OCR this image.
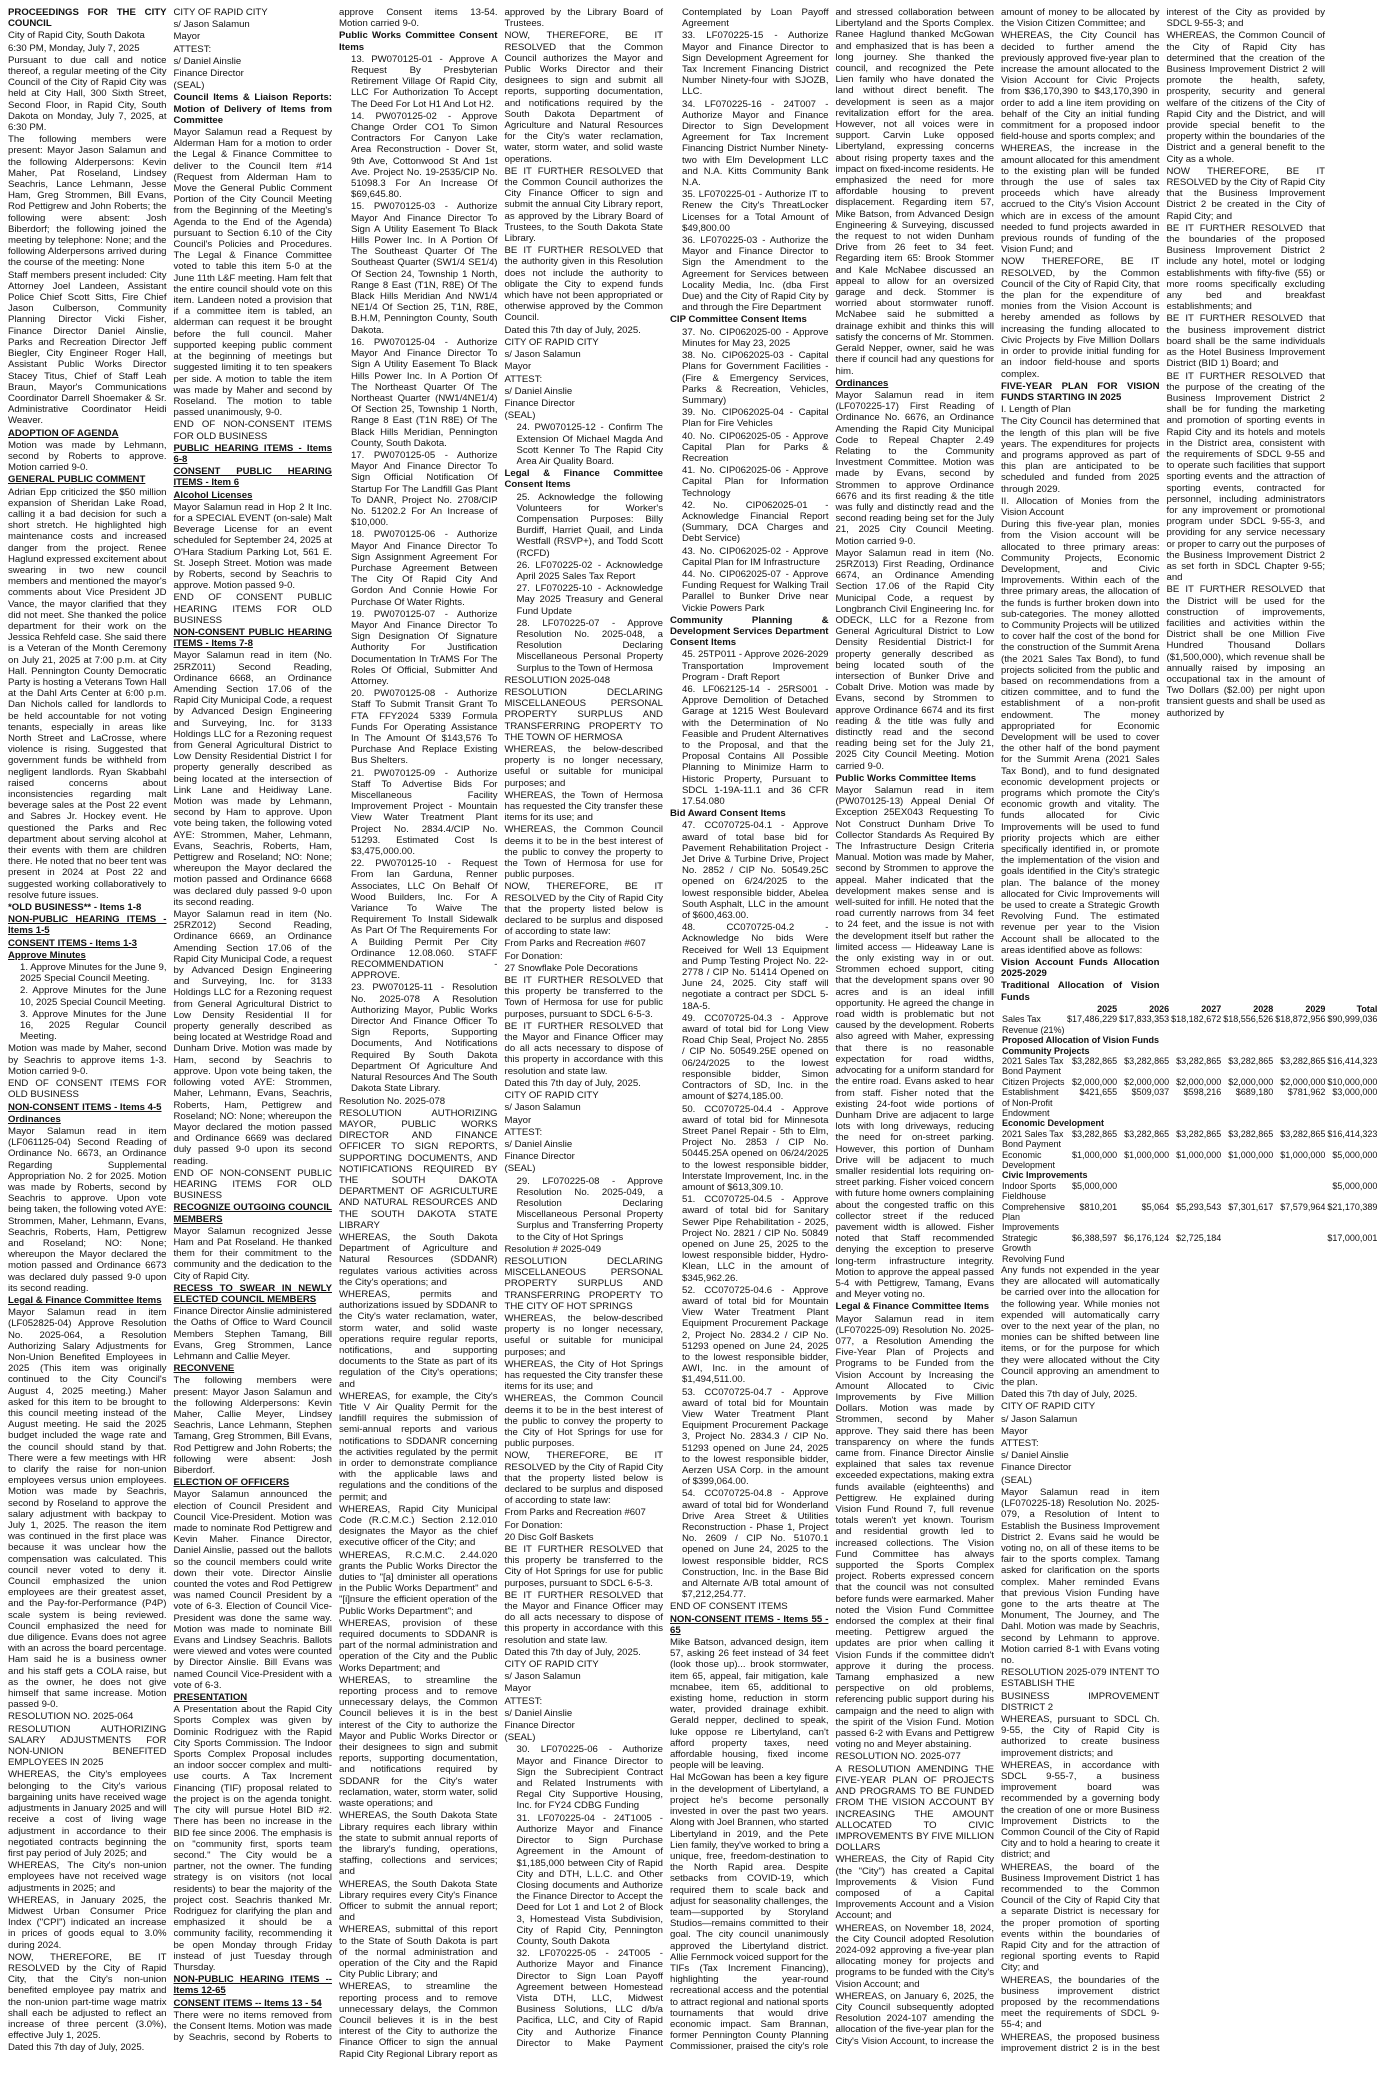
PROCEEDINGS FOR THE CITY COUNCIL

City of Rapid City, South Dakota

6:30 PM, Monday, July 7, 2025

Pursuant to due call and notice thereof, a regular meeting of the City Council of the City of Rapid City was held at City Hall, 300 Sixth Street, Second Floor, in Rapid City, South Dakota on Monday, July 7, 2025, at 6:30 PM.

The following members were present: Mayor Jason Salamun and the following Alderpersons: Kevin Maher, Pat Roseland, Lindsey Seachris, Lance Lehmann, Jesse Ham, Greg Strommen, Bill Evans, Rod Pettigrew and John Roberts; the following were absent: Josh Biberdorf; the following joined the meeting by telephone: None; and the following Alderpersons arrived during the course of the meeting: None

Staff members present included: City Attorney Joel Landeen, Assistant Police Chief Scott Sitts, Fire Chief Jason Culberson, Community Planning Director Vicki Fisher, Finance Director Daniel Ainslie, Parks and Recreation Director Jeff Biegler, City Engineer Roger Hall, Assistant Public Works Director Stacey Titus, Chief of Staff Leah Braun, Mayor's Communications Coordinator Darrell Shoemaker & Sr. Administrative Coordinator Heidi Weaver.

ADOPTION OF AGENDA

Motion was made by Lehmann, second by Roberts to approve. Motion carried 9-0.

GENERAL PUBLIC COMMENT

Adrian Epp criticized the $50 million expansion of Sheridan Lake Road, calling it a bad decision for such a short stretch. He highlighted high maintenance costs and increased danger from the project. Renee Haglund expressed excitement about swearing in two new council members and mentioned the mayor's comments about Vice President JD Vance, the mayor clarified that they did not meet. She thanked the police department for their work on the Jessica Rehfeld case. She said there is a Veteran of the Month Ceremony on July 21, 2025 at 7:00 p.m. at City Hall. Pennington County Democratic Party is hosting a Veterans Town Hall at the Dahl Arts Center at 6:00 p.m. Dan Nichols called for landlords to be held accountable for not voting tenants, especially in areas like North Street and LaCrosse, where violence is rising. Suggested that government funds be withheld from negligent landlords. Ryan Skabbahl raised concerns about inconsistencies regarding malt beverage sales at the Post 22 event and Sabres Jr. Hockey event. He questioned the Parks and Rec department about serving alcohol at their events with them are children there. He noted that no beer tent was present in 2024 at Post 22 and suggested working collaboratively to resolve future issues.

*OLD BUSINESS** - Items 1-8

NON-PUBLIC HEARING ITEMS - Items 1-5

CONSENT ITEMS - Items 1-3

Approve Minutes

1. Approve Minutes for the June 9, 2025 Special Council Meeting.

2. Approve Minutes for the June 10, 2025 Special Council Meeting.

3. Approve Minutes for the June 16, 2025 Regular Council Meeting.

Motion was made by Maher, second by Seachris to approve items 1-3. Motion carried 9-0.

END OF CONSENT ITEMS FOR OLD BUSINESS

NON-CONSENT ITEMS - Items 4-5

Ordinances

Mayor Salamun read in item (LF061125-04) Second Reading of Ordinance No. 6673, an Ordinance Regarding Supplemental Appropriation No. 2 for 2025. Motion was made by Roberts, second by Seachris to approve. Upon vote being taken, the following voted AYE: Strommen, Maher, Lehmann, Evans, Seachris, Roberts, Ham, Pettigrew and Roseland; NO: None; whereupon the Mayor declared the motion passed and Ordinance 6673 was declared duly passed 9-0 upon its second reading.

Legal & Finance Committee Items

Mayor Salamun read in item (LF052825-04) Approve Resolution No. 2025-064, a Resolution Authorizing Salary Adjustments for Non-Union Benefited Employees in 2025 (This item was originally continued to the City Council's August 4, 2025 meeting.) Maher asked for this item to be brought to this council meeting instead of the August meeting. He said the 2025 budget included the wage rate and the council should stand by that. There were a few meetings with HR to clarify the raise for non-union employees versus union employees. Motion was made by Seachris, second by Roseland to approve the salary adjustment with backpay to July 1, 2025. The reason the item was continued in the first place was because it was unclear how the compensation was calculated. This council never voted to deny it. Council emphasized the union employees are their greatest asset, and the Pay-for-Performance (P4P) scale system is being reviewed. Council emphasized the need for due diligence. Evans does not agree with an across the board percentage. Ham said he is a business owner and his staff gets a COLA raise, but as the owner, he does not give himself that same increase. Motion passed 9-0.

RESOLUTION NO. 2025-064

RESOLUTION AUTHORIZING SALARY ADJUSTMENTS FOR NON-UNION BENEFITED EMPLOYEES IN 2025

WHEREAS, the City's employees belonging to the City's various bargaining units have received wage adjustments in January 2025 and will receive a cost of living wage adjustment in accordance to their negotiated contracts beginning the first pay period of July 2025; and

WHEREAS, The City's non-union employees have not received wage adjustments in 2025; and

WHEREAS, in January 2025, the Midwest Urban Consumer Price Index ("CPI") indicated an increase in prices of goods equal to 3.0% during 2024.

NOW, THEREFORE, BE IT RESOLVED by the City of Rapid City, that the City's non-union benefited employee pay matrix and the non-union part-time wage matrix shall each be adjusted to reflect an increase of three percent (3.0%), effective July 1, 2025.

Dated this 7th day of July, 2025.

CITY OF RAPID CITY

s/ Jason Salamun

Mayor

ATTEST:

s/ Daniel Ainslie

Finance Director

(SEAL)

Council Items & Liaison Reports: Motion of Delivery of Items from Committee

Mayor Salamun read a Request by Alderman Ham for a motion to order the Legal & Finance Committee to deliver to the Council Item #14 (Request from Alderman Ham to Move the General Public Comment Portion of the City Council Meeting from the Beginning of the Meeting's Agenda to the End of the Agenda) pursuant to Section 6.10 of the City Council's Policies and Procedures. The Legal & Finance Committee voted to table this item 5-0 at the June 11th L&F meeting. Ham felt that the entire council should vote on this item. Landeen noted a provision that if a committee item is tabled, an alderman can request it be brought before the full council. Maher supported keeping public comment at the beginning of meetings but suggested limiting it to ten speakers per side. A motion to table the item was made by Maher and second by Roseland. The motion to table passed unanimously, 9-0.

END OF NON-CONSENT ITEMS FOR OLD BUSINESS

PUBLIC HEARING ITEMS - Items 6-8

CONSENT PUBLIC HEARING ITEMS - Item 6

Alcohol Licenses

Mayor Salamun read in Hop 2 It Inc. for a SPECIAL EVENT (on-sale) Malt Beverage License for an event scheduled for September 24, 2025 at O'Hara Stadium Parking Lot, 561 E. St. Joseph Street. Motion was made by Roberts, second by Seachris to approve. Motion passed 9-0.

END OF CONSENT PUBLIC HEARING ITEMS FOR OLD BUSINESS

NON-CONSENT PUBLIC HEARING ITEMS - Items 7-8

Mayor Salamun read in item (No. 25RZ011) Second Reading, Ordinance 6668, an Ordinance Amending Section 17.06 of the Rapid City Municipal Code, a request by Advanced Design Engineering and Surveying, Inc. for 3133 Holdings LLC for a Rezoning request from General Agricultural District to Low Density Residential District I for property generally described as being located at the intersection of Link Lane and Heidiway Lane. Motion was made by Lehmann, second by Ham to approve. Upon vote being taken, the following voted AYE: Strommen, Maher, Lehmann, Evans, Seachris, Roberts, Ham, Pettigrew and Roseland; NO: None; whereupon the Mayor declared the motion passed and Ordinance 6668 was declared duly passed 9-0 upon its second reading.

Mayor Salamun read in item (No. 25RZ012) Second Reading, Ordinance 6669, an Ordinance Amending Section 17.06 of the Rapid City Municipal Code, a request by Advanced Design Engineering and Surveying, Inc. for 3133 Holdings LLC for a Rezoning request from General Agricultural District to Low Density Residential II for property generally described as being located at Westridge Road and Dunham Drive. Motion was made by Ham, second by Seachris to approve. Upon vote being taken, the following voted AYE: Strommen, Maher, Lehmann, Evans, Seachris, Roberts, Ham, Pettigrew and Roseland; NO: None; whereupon the Mayor declared the motion passed and Ordinance 6669 was declared duly passed 9-0 upon its second reading.

END OF NON-CONSENT PUBLIC HEARING ITEMS FOR OLD BUSINESS

RECOGNIZE OUTGOING COUNCIL MEMBERS

Mayor Salamun recognized Jesse Ham and Pat Roseland. He thanked them for their commitment to the community and the dedication to the City of Rapid City.

RECESS TO SWEAR IN NEWLY ELECTED COUNCIL MEMBERS

Finance Director Ainslie administered the Oaths of Office to Ward Council Members Stephen Tamang, Bill Evans, Greg Strommen, Lance Lehmann and Callie Meyer.

RECONVENE

The following members were present: Mayor Jason Salamun and the following Alderpersons: Kevin Maher, Callie Meyer, Lindsey Seachris, Lance Lehmann, Stephen Tamang, Greg Strommen, Bill Evans, Rod Pettigrew and John Roberts; the following were absent: Josh Biberdorf.

ELECTION OF OFFICERS

Mayor Salamun announced the election of Council President and Council Vice-President. Motion was made to nominate Rod Pettigrew and Kevin Maher. Finance Director, Daniel Ainslie, passed out the ballots so the council members could write down their vote. Director Ainslie counted the votes and Rod Pettigrew was named Council President by a vote of 6-3. Election of Council Vice-President was done the same way. Motion was made to nominate Bill Evans and Lindsey Seachris. Ballots were viewed and votes were counted by Director Ainslie. Bill Evans was named Council Vice-President with a vote of 6-3.

PRESENTATION

A Presentation about the Rapid City Sports Complex was given by Dominic Rodriguez with the Rapid City Sports Commission. The Indoor Sports Complex Proposal includes an indoor soccer complex and multi-use courts. A Tax Increment Financing (TIF) proposal related to the project is on the agenda tonight. The city will pursue Hotel BID #2. There has been no increase in the BID fee since 2006. The emphasis is on "community first, sports team second." The City would be a partner, not the owner. The funding strategy is on visitors (not local residents) to bear the majority of the project cost. Seachris thanked Mr. Rodriguez for clarifying the plan and emphasized it should be a community facility, recommending it be open Monday through Friday instead of just Tuesday through Thursday.

NON-PUBLIC HEARING ITEMS -- Items 12-65

CONSENT ITEMS -- Items 13 - 54

There were no items removed from the Consent Items. Motion was made by Seachris, second by Roberts to approve Consent items 13-54. Motion carried 9-0.

Public Works Committee Consent Items

13. PW070125-01 - Approve A Request By Presbyterian Retirement Village Of Rapid City, LLC For Authorization To Accept The Deed For Lot H1 And Lot H2.

14. PW070125-02 - Approve Change Order CO1 To Simon Contractors For Canyon Lake Area Reconstruction - Dover St, 9th Ave, Cottonwood St And 1st Ave. Project No. 19-2535/CIP No. 51098.3 For An Increase Of $69,645.80.

15. PW070125-03 - Authorize Mayor And Finance Director To Sign A Utility Easement To Black Hills Power Inc. In A Portion Of The Southeast Quarter Of The Southeast Quarter (SW1/4 SE1/4) Of Section 24, Township 1 North, Range 8 East (T1N, R8E) Of The Black Hills Meridian And NW1/4 NE1/4 Of Section 25, T1N, R8E, B.H.M, Pennington County, South Dakota.

16. PW070125-04 - Authorize Mayor And Finance Director To Sign A Utility Easement To Black Hills Power Inc. In A Portion Of The Northeast Quarter Of The Northeast Quarter (NW1/4NE1/4) Of Section 25, Township 1 North, Range 8 East (T1N R8E) Of The Black Hills Meridian, Pennington County, South Dakota.

17. PW070125-05 - Authorize Mayor And Finance Director To Sign Official Notification Of Startup For The Landfill Gas Plant To DANR, Project No. 2708/CIP No. 51202.2 For An Increase of $10,000.

18. PW070125-06 - Authorize Mayor And Finance Director To Sign Assignment Agreement For Purchase Agreement Between The City Of Rapid City And Gordon And Connie Howie For Purchase Of Water Rights.

19. PW070125-07 - Authorize Mayor And Finance Director To Sign Designation Of Signature Authority For Justification Documentation In TrAMS For The Roles Of Official, Submitter And Attorney.

20. PW070125-08 - Authorize Staff To Submit Transit Grant To FTA FFY2024 5339 Formula Funds For Operating Assistance In The Amount Of $143,576 To Purchase And Replace Existing Bus Shelters.

21. PW070125-09 - Authorize Staff To Advertise Bids For Miscellaneous Facility Improvement Project - Mountain View Water Treatment Plant Project No. 2834.4/CIP No. 51293. Estimated Cost Is $3,475,000.00.

22. PW070125-10 - Request From Ian Garduna, Renner Associates, LLC On Behalf Of Wood Builders, Inc. For A Variance To Waive The Requirement To Install Sidewalk As Part Of The Requirements For A Building Permit Per City Ordinance 12.08.060. STAFF RECOMMENDATION - APPROVE.

23. PW070125-11 - Resolution No. 2025-078 A Resolution Authorizing Mayor, Public Works Director And Finance Officer To Sign Reports, Supporting Documents, And Notifications Required By South Dakota Department Of Agriculture And Natural Resources And The South Dakota State Library.

Resolution No. 2025-078

RESOLUTION AUTHORIZING MAYOR, PUBLIC WORKS DIRECTOR AND FINANCE OFFICER TO SIGN REPORTS, SUPPORTING DOCUMENTS, AND NOTIFICATIONS REQUIRED BY THE SOUTH DAKOTA DEPARTMENT OF AGRICULTURE AND NATURAL RESOURCES AND THE SOUTH DAKOTA STATE LIBRARY

WHEREAS, the South Dakota Department of Agriculture and Natural Resources (SDDANR) regulates various activities across the City's operations; and

WHEREAS, permits and authorizations issued by SDDANR to the City's water reclamation, water, storm water, and solid waste operations require regular reports, notifications, and supporting documents to the State as part of its regulation of the City's operations; and

WHEREAS, for example, the City's Title V Air Quality Permit for the landfill requires the submission of semi-annual reports and various notifications to SDDANR concerning the activities regulated by the permit in order to demonstrate compliance with the applicable laws and regulations and the conditions of the permit; and

WHEREAS, Rapid City Municipal Code (R.C.M.C.) Section 2.12.010 designates the Mayor as the chief executive officer of the City; and

WHEREAS, R.C.M.C. 2.44.020 grants the Public Works Director the duties to "[a] dminister all operations in the Public Works Department" and "[i]nsure the efficient operation of the Public Works Department"; and

WHEREAS, provision of these required documents to SDDANR is part of the normal administration and operation of the City and the Public Works Department; and

WHEREAS, to streamline the reporting process and to remove unnecessary delays, the Common Council believes it is in the best interest of the City to authorize the Mayor and Public Works Director or their designees to sign and submit reports, supporting documentation, and notifications required by SDDANR for the City's water reclamation, water, storm water, solid waste operations; and

WHEREAS, the South Dakota State Library requires each library within the state to submit annual reports of the library's funding, operations, staffing, collections and services; and

WHEREAS, the South Dakota State Library requires every City's Finance Officer to submit the annual report; and

WHEREAS, submittal of this report to the State of South Dakota is part of the normal administration and operation of the City and the Rapid City Public Library; and

WHEREAS, to streamline the reporting process and to remove unnecessary delays, the Common Council believes it is in the best interest of the City to authorize the Finance Officer to sign the annual Rapid City Regional Library report as approved by the Library Board of Trustees.

NOW, THEREFORE, BE IT RESOLVED that the Common Council authorizes the Mayor and Public Works Director and their designees to sign and submit all reports, supporting documentation, and notifications required by the South Dakota Department of Agriculture and Natural Resources for the City's water reclamation, water, storm water, and solid waste operations.

BE IT FURTHER RESOLVED that the Common Council authorizes the City Finance Officer to sign and submit the annual City Library report, as approved by the Library Board of Trustees, to the South Dakota State Library.

BE IT FURTHER RESOLVED that the authority given in this Resolution does not include the authority to obligate the City to expend funds which have not been appropriated or otherwise approved by the Common Council.

Dated this 7th day of July, 2025.

CITY OF RAPID CITY

s/ Jason Salamun

Mayor

ATTEST:

s/ Daniel Ainslie

Finance Director

(SEAL)

24. PW070125-12 - Confirm The Extension Of Michael Magda And Scott Kenner To The Rapid City Area Air Quality Board.

Legal & Finance Committee Consent Items

25. Acknowledge the following Volunteers for Worker's Compensation Purposes: Billy Burdiff, Harriet Quail, and Linda Westfall (RSVP+), and Todd Scott (RCFD)

26. LF070225-02 - Acknowledge April 2025 Sales Tax Report

27. LF070225-10 - Acknowledge May 2025 Treasury and General Fund Update

28. LF070225-07 - Approve Resolution No. 2025-048, a Resolution Declaring Miscellaneous Personal Property Surplus to the Town of Hermosa

RESOLUTION 2025-048

RESOLUTION DECLARING MISCELLANEOUS PERSONAL PROPERTY SURPLUS AND TRANSFERRING PROPERTY TO THE TOWN OF HERMOSA

WHEREAS, the below-described property is no longer necessary, useful or suitable for municipal purposes; and

WHEREAS, the Town of Hermosa has requested the City transfer these items for its use; and

WHEREAS, the Common Council deems it to be in the best interest of the public to convey the property to the Town of Hermosa for use for public purposes.

NOW, THEREFORE, BE IT RESOLVED by the City of Rapid City that the property listed below is declared to be surplus and disposed of according to state law:

From Parks and Recreation #607

For Donation:

27 Snowflake Pole Decorations

BE IT FURTHER RESOLVED that this property be transferred to the Town of Hermosa for use for public purposes, pursuant to SDCL 6-5-3.

BE IT FURTHER RESOLVED that the Mayor and Finance Officer may do all acts necessary to dispose of this property in accordance with this resolution and state law.

Dated this 7th day of July, 2025.

CITY OF RAPID CITY

s/ Jason Salamun

Mayor

ATTEST:

s/ Daniel Ainslie

Finance Director

(SEAL)

29. LF070225-08 - Approve Resolution No. 2025-049, a Resolution Declaring Miscellaneous Personal Property Surplus and Transferring Property to the City of Hot Springs

Resolution # 2025-049

RESOLUTION DECLARING MISCELLANEOUS PERSONAL PROPERTY SURPLUS AND TRANSFERRING PROPERTY TO THE CITY OF HOT SPRINGS

WHEREAS, the below-described property is no longer necessary, useful or suitable for municipal purposes; and

WHEREAS, the City of Hot Springs has requested the City transfer these items for its use; and

WHEREAS, the Common Council deems it to be in the best interest of the public to convey the property to the City of Hot Springs for use for public purposes.

NOW, THEREFORE, BE IT RESOLVED by the City of Rapid City that the property listed below is declared to be surplus and disposed of according to state law:

From Parks and Recreation #607

For Donation:

20 Disc Golf Baskets

BE IT FURTHER RESOLVED that this property be transferred to the City of Hot Springs for use for public purposes, pursuant to SDCL 6-5-3.

BE IT FURTHER RESOLVED that the Mayor and Finance Officer may do all acts necessary to dispose of this property in accordance with this resolution and state law.

Dated this 7th day of July, 2025.

CITY OF RAPID CITY

s/ Jason Salamun

Mayor

ATTEST:

s/ Daniel Ainslie

Finance Director

(SEAL)

30. LF070225-06 - Authorize Mayor and Finance Director to Sign the Subrecipient Contract and Related Instruments with Regal City Supportive Housing, Inc. for FY24 CDBG Funding

31. LF070225-04 - 24T1005 - Authorize Mayor and Finance Director to Sign Purchase Agreement in the Amount of $1,185,000 between City of Rapid City and DTH, L.L.C. and Other Closing documents and Authorize the Finance Director to Accept the Deed for Lot 1 and Lot 2 of Block 3, Homestead Vista Subdivision, City of Rapid City, Pennington County, South Dakota

32. LF070225-05 - 24T005 - Authorize Mayor and Finance Director to Sign Loan Payoff Agreement between Homestead Vista DTH, LLC, Midwest Business Solutions, LLC d/b/a Pacifica, LLC, and City of Rapid City and Authorize Finance Director to Make Payment Contemplated by Loan Payoff Agreement

33. LF070225-15 - Authorize Mayor and Finance Director to Sign Development Agreement for Tax Increment Financing District Number Ninety-four with SJOZB, LLC.

34. LF070225-16 - 24T007 - Authorize Mayor and Finance Director to Sign Development Agreement for Tax Increment Financing District Number Ninety-two with Elm Development LLC and N.A. Kitts Community Bank N.A.

35. LF070225-01 - Authorize IT to Renew the City's ThreatLocker Licenses for a Total Amount of $49,800.00

36. LF070225-03 - Authorize the Mayor and Finance Director to Sign the Amendment to the Agreement for Services between Locality Media, Inc. (dba First Due) and the City of Rapid City by and through the Fire Department

CIP Committee Consent Items

37. No. CIP062025-00 - Approve Minutes for May 23, 2025

38. No. CIP062025-03 - Capital Plans for Government Facilities - (Fire & Emergency Services, Parks & Recreation, Vehicles, Summary)

39. No. CIP062025-04 - Capital Plan for Fire Vehicles

40. No. CIP062025-05 - Approve Capital Plan for Parks & Recreation

41. No. CIP062025-06 - Approve Capital Plan for Information Technology

42. No. CIP062025-01 - Acknowledge Financial Report (Summary, DCA Charges and Debt Service)

43. No. CIP062025-02 - Approve Capital Plan for IM Infrastructure

44. No. CIP062025-07 - Approve Funding Request for Walking Trail Parallel to Bunker Drive near Vickie Powers Park

Community Planning & Development Services Department Consent Items

45. 25TP011 - Approve 2026-2029 Transportation Improvement Program - Draft Report

46. LF062125-14 - 25RS001 - Approve Demolition of Detached Garage at 1215 West Boulevard with the Determination of No Feasible and Prudent Alternatives to the Proposal, and that the Proposal Contains All Possible Planning to Minimize Harm to Historic Property, Pursuant to SDCL 1-19A-11.1 and 36 CFR 17.54.080

Bid Award Consent Items

47. CC070725-04.1 - Approve award of total base bid for Pavement Rehabilitation Project - Jet Drive & Turbine Drive, Project No. 2852 / CIP No. 50549.25C opened on 6/24/2025 to the lowest responsible bidder, Abelea South Asphalt, LLC in the amount of $600,463.00.

48. CC070725-04.2 - Acknowledge No bids Were Received for Well 13 Equipment and Pump Testing Project No. 22-2778 / CIP No. 51414 Opened on June 24, 2025. City staff will negotiate a contract per SDCL 5-18A-5.

49. CC070725-04.3 - Approve award of total bid for Long View Road Chip Seal, Project No. 2855 / CIP No. 50549.25E opened on 06/24/2025 to the lowest responsible bidder, Simon Contractors of SD, Inc. in the amount of $274,185.00.

50. CC070725-04.4 - Approve award of total bid for Minnesota Street Panel Repair - 5th to Elm, Project No. 2853 / CIP No. 50445.25A opened on 06/24/2025 to the lowest responsible bidder, Interstate Improvement, Inc. in the amount of $613,309.10.

51. CC070725-04.5 - Approve award of total bid for Sanitary Sewer Pipe Rehabilitation - 2025, Project No. 2821 / CIP No. 50849 opened on June 25, 2025 to the lowest responsible bidder, Hydro-Klean, LLC in the amount of $345,962.26.

52. CC070725-04.6 - Approve award of total bid for Mountain View Water Treatment Plant Equipment Procurement Package 2, Project No. 2834.2 / CIP No. 51293 opened on June 24, 2025 to the lowest responsible bidder, AWI, Inc. in the amount of $1,494,511.00.

53. CC070725-04.7 - Approve award of total bid for Mountain View Water Treatment Plant Equipment Procurement Package 3, Project No. 2834.3 / CIP No. 51293 opened on June 24, 2025 to the lowest responsible bidder, Aerzen USA Corp. in the amount of $399,064.00.

54. CC070725-04.8 - Approve award of total bid for Wonderland Drive Area Street & Utilities Reconstruction - Phase 1, Project No. 2609 / CIP No. 51070.1 opened on June 24, 2025 to the lowest responsible bidder, RCS Construction, Inc. in the Base Bid and Alternate A/B total amount of $7,212,254.77.

END OF CONSENT ITEMS

NON-CONSENT ITEMS - Items 55 - 65

Mike Batson, advanced design, item 57, asking 26 feet instead of 34 feet (look those up)... brook stormwater, item 65, appeal, fair mitigation, kale mcnabee, item 65, additional to existing home, reduction in storm water, provided drainage exhibit. Gerald nepper, declined to speak, luke oppose re Libertyland, can't afford property taxes, need affordable housing, fixed income people will be leaving.

Hal McGowan has been a key figure in the development of Libertyland, a project he's become personally invested in over the past two years. Along with Joel Brannen, who started Libertyland in 2019, and the Pete Lien family, they've worked to bring a unique, free, freedom-destination to the North Rapid area. Despite setbacks from COVID-19, which required them to scale back and adjust for seasonality challenges, the team—supported by Storyland Studios—remains committed to their goal. The city council unanimously approved the Libertyland district. Allie Fernmock voiced support for the TIFs (Tax Increment Financing), highlighting the year-round recreational access and the potential to attract regional and national sports tournaments that would drive economic impact. Sam Brannan, former Pennington County Planning Commissioner, praised the city's role and stressed collaboration between Libertyland and the Sports Complex. Ranee Haglund thanked McGowan and emphasized that is has been a long journey. She thanked the council, and recognized the Pete Lien family who have donated the land without direct benefit. The development is seen as a major revitalization effort for the area. However, not all voices were in support. Carvin Luke opposed Libertyland, expressing concerns about rising property taxes and the impact on fixed-income residents. He emphasized the need for more affordable housing to prevent displacement. Regarding item 57, Mike Batson, from Advanced Design Engineering & Surveying, discussed the request to not widen Dunham Drive from 26 feet to 34 feet. Regarding item 65: Brook Stommer and Kale McNabee discussed an appeal to allow for an oversized garage and deck. Stommer is worried about stormwater runoff. McNabee said he submitted a drainage exhibit and thinks this will satisfy the concerns of Mr. Stommen. Gerald Nepper, owner, said he was there if council had any questions for him.

Ordinances

Mayor Salamun read in item (LF070225-17) First Reading of Ordinance No. 6676, an Ordinance Amending the Rapid City Municipal Code to Repeal Chapter 2.49 Relating to the Community Investment Committee. Motion was made by Evans, second by Strommen to approve Ordinance 6676 and its first reading & the title was fully and distinctly read and the second reading being set for the July 21, 2025 City Council Meeting. Motion carried 9-0.

Mayor Salamun read in item (No. 25RZ013) First Reading, Ordinance 6674, an Ordinance Amending Section 17.06 of the Rapid City Municipal Code, a request by Longbranch Civil Engineering Inc. for ODECK, LLC for a Rezone from General Agricultural District to Low Density Residential District-I for property generally described as being located south of the intersection of Bunker Drive and Cobalt Drive. Motion was made by Evans, second by Strommen to approve Ordinance 6674 and its first reading & the title was fully and distinctly read and the second reading being set for the July 21, 2025 City Council Meeting. Motion carried 9-0.

Public Works Committee Items

Mayor Salamun read in item (PW070125-13) Appeal Denial Of Exception 25EX043 Requesting To Not Construct Dunham Drive To Collector Standards As Required By The Infrastructure Design Criteria Manual. Motion was made by Maher, second by Strommen to approve the appeal. Maher indicated that the development makes sense and is well-suited for infill. He noted that the road currently narrows from 34 feet to 24 feet, and the issue is not with the development itself but rather the limited access — Hideaway Lane is the only existing way in or out. Strommen echoed support, citing that the development spans over 90 acres and is an ideal infill opportunity. He agreed the change in road width is problematic but not caused by the development. Roberts also agreed with Maher, expressing that there is no reasonable expectation for road widths, advocating for a uniform standard for the entire road. Evans asked to hear from staff. Fisher noted that the existing 24-foot wide portions of Dunham Drive are adjacent to large lots with long driveways, reducing the need for on-street parking. However, this portion of Dunham Drive will be adjacent to much smaller residential lots requiring on-street parking. Fisher voiced concern with future home owners complaining about the congested traffic on this collector street if the reduced pavement width is allowed. Fisher noted that Staff recommended denying the exception to preserve long-term infrastructure integrity. Motion to approve the appeal passed 5-4 with Pettigrew, Tamang, Evans and Meyer voting no.

Legal & Finance Committee Items

Mayor Salamun read in item (LF070225-09) Resolution No. 2025-077, a Resolution Amending the Five-Year Plan of Projects and Programs to be Funded from the Vision Account by Increasing the Amount Allocated to Civic Improvements by Five Million Dollars. Motion was made by Strommen, second by Maher approve. They said there has been transparency on where the funds came from. Finance Director Ainslie explained that sales tax revenue exceeded expectations, making extra funds available (eighteenths) and Pettigrew. He explained during Vision Fund Round 7, full revenue totals weren't yet known. Tourism and residential growth led to increased collections. The Vision Fund Committee has always supported the Sports Complex project. Roberts expressed concern that the council was not consulted before funds were earmarked. Maher noted the Vision Fund Committee endorsed the complex at their final meeting. Pettigrew argued the updates are prior when calling it Vision Funds if the committee didn't approve it during the process. Tamang emphasized a new perspective on old problems, referencing public support during his campaign and the need to align with the spirit of the Vision Fund. Motion passed 6-2 with Evans and Pettigrew voting no and Meyer abstaining.

RESOLUTION NO. 2025-077

A RESOLUTION AMENDING THE FIVE-YEAR PLAN OF PROJECTS AND PROGRAMS TO BE FUNDED FROM THE VISION ACCOUNT BY INCREASING THE AMOUNT ALLOCATED TO CIVIC IMPROVEMENTS BY FIVE MILLION DOLLARS

WHEREAS, the City of Rapid City (the "City") has created a Capital Improvements & Vision Fund composed of a Capital Improvements Account and a Vision Account; and

WHEREAS, on November 18, 2024, the City Council adopted Resolution 2024-092 approving a five-year plan allocating money for projects and programs to be funded with the City's Vision Account; and

WHEREAS, on January 6, 2025, the City Council subsequently adopted Resolution 2024-107 amending the allocation of the five-year plan for the City's Vision Account, to increase the amount of money to be allocated by the Vision Citizen Committee; and

WHEREAS, the City Council has decided to further amend the previously approved five-year plan to increase the amount allocated to the Vision Account for Civic Projects from $36,170,390 to $43,170,390 in order to add a line item providing on behalf of the City an initial funding commitment for a proposed indoor field-house and sports complex; and

WHEREAS, the increase in the amount allocated for this amendment to the existing plan will be funded through the use of sales tax proceeds which have already accrued to the City's Vision Account which are in excess of the amount needed to fund projects awarded in previous rounds of funding of the Vision Fund; and

NOW THEREFORE, BE IT RESOLVED, by the Common Council of the City of Rapid City, that the plan for the expenditure of monies from the Vision Account is hereby amended as follows by increasing the funding allocated to Civic Projects by Five Million Dollars in order to provide initial funding for an indoor field-house and sports complex.

FIVE-YEAR PLAN FOR VISION FUNDS STARTING IN 2025

I. Length of Plan

The City Council has determined that the length of this plan will be five years. The expenditures for projects and programs approved as part of this plan are anticipated to be scheduled and funded from 2025 through 2029.

II. Allocation of Monies from the Vision Account

During this five-year plan, monies from the Vision account will be allocated to three primary areas: Community Projects, Economic Development, and Civic Improvements. Within each of the three primary areas, the allocation of the funds is further broken down into sub-categories. The money allotted to Community Projects will be utilized to cover half the cost of the bond for the construction of the Summit Arena (the 2021 Sales Tax Bond), to fund projects solicited from the public and based on recommendations from a citizen committee, and to fund the establishment of a non-profit endowment. The money appropriated for Economic Development will be used to cover the other half of the bond payment for the Summit Arena (2021 Sales Tax Bond), and to fund designated economic development projects or programs which promote the City's economic growth and vitality. The funds allocated for Civic Improvements will be used to fund priority projects which are either specifically identified in, or promote the implementation of the vision and goals identified in the City's strategic plan. The balance of the money allocated for Civic Improvements will be used to create a Strategic Growth Revolving Fund. The estimated revenue per year to the Vision Account shall be allocated to the areas identified above as follows:

Vision Account Funds Allocation 2025-2029

Traditional Allocation of Vision Funds

	2025	2026	2027	2028	2029	Total
Sales Tax Revenue (21%)	$17,486,229	$17,833,353	$18,182,672	$18,556,526	$18,872,956	$90,999,036
Proposed Allocation of Vision Funds						
Community Projects						
2021 Sales Tax Bond Payment	$3,282,865	$3,282,865	$3,282,865	$3,282,865	$3,282,865	$16,414,323
Citizen Projects	$2,000,000	$2,000,000	$2,000,000	$2,000,000	$2,000,000	$10,000,000
Establishment of Non-Profit Endowment	$421,655	$509,037	$598,216	$689,180	$781,962	$3,000,000
Economic Development						
2021 Sales Tax Bond Payment	$3,282,865	$3,282,865	$3,282,865	$3,282,865	$3,282,865	$16,414,323
Economic Development	$1,000,000	$1,000,000	$1,000,000	$1,000,000	$1,000,000	$5,000,000
Civic Improvements						
Indoor Sports Fieldhouse	$5,000,000					$5,000,000
Comprehensive Plan Improvements	$810,201	$5,064	$5,293,543	$7,301,617	$7,579,964	$21,170,389
Strategic Growth Revolving Fund	$6,388,597	$6,176,124	$2,725,184			$17,000,001

Any funds not expended in the year they are allocated will automatically be carried over into the allocation for the following year. While monies not expended will automatically carry over to the next year of the plan, no monies can be shifted between line items, or for the purpose for which they were allocated without the City Council approving an amendment to the plan.

Dated this 7th day of July, 2025.

CITY OF RAPID CITY

s/ Jason Salamun

Mayor

ATTEST:

s/ Daniel Ainslie

Finance Director

(SEAL)

Mayor Salamun read in item (LF070225-18) Resolution No. 2025-079, a Resolution of Intent to Establish the Business Improvement District 2. Evans said he would be voting no, on all of these items to be fair to the sports complex. Tamang asked for clarification on the sports complex. Maher reminded Evans that previous Vision Funding have gone to the arts theatre at The Monument, The Journey, and The Dahl. Motion was made by Seachris, second by Lehmann to approve. Motion carried 8-1 with Evans voting no.

RESOLUTION 2025-079 INTENT TO ESTABLISH THE

BUSINESS IMPROVEMENT DISTRICT 2

WHEREAS, pursuant to SDCL Ch. 9-55, the City of Rapid City is authorized to create business improvement districts; and

WHEREAS, in accordance with SDCL 9-55-7, a business improvement board was recommended by a governing body the creation of one or more Business Improvement Districts to the Common Council of the City of Rapid City and to hold a hearing to create it district; and

WHEREAS, the board of the Business Improvement District 1 has recommended to the Common Council of the City of Rapid City that a separate District is necessary for the proper promotion of sporting events within the boundaries of Rapid City and for the attraction of regional sporting events to Rapid City; and

WHEREAS, the boundaries of the business improvement district proposed by the recommendations meet the requirements of SDCL 9-55-4; and

WHEREAS, the proposed business improvement district 2 is in the best interest of the City as provided by SDCL 9-55-3; and

WHEREAS, the Common Council of the City of Rapid City has determined that the creation of the Business Improvement District 2 will promote the health, safety, prosperity, security and general welfare of the citizens of the City of Rapid City and the District, and will provide special benefit to the property within the boundaries of the District and a general benefit to the City as a whole.

NOW THEREFORE, BE IT RESOLVED by the City of Rapid City that the Business Improvement District 2 be created in the City of Rapid City; and

BE IT FURTHER RESOLVED that the boundaries of the proposed Business Improvement District 2 include any hotel, motel or lodging establishments with fifty-five (55) or more rooms specifically excluding any bed and breakfast establishments; and

BE IT FURTHER RESOLVED that the business improvement district board shall be the same individuals as the Hotel Business Improvement District (BID 1) Board; and

BE IT FURTHER RESOLVED that the purpose of the creating of the Business Improvement District 2 shall be for funding the marketing and promotion of sporting events in Rapid City and its hotels and motels in the District area, consistent with the requirements of SDCL 9-55 and to operate such facilities that support sporting events and the attraction of sporting events, contracted for personnel, including administrators for any improvement or promotional program under SDCL 9-55-3, and providing for any service necessary or proper to carry out the purposes of the Business Improvement District 2 as set forth in SDCL Chapter 9-55; and

BE IT FURTHER RESOLVED that the District will be used for the construction of improvements, facilities and activities within the District shall be one Million Five Hundred Thousand Dollars ($1,500,000), which revenue shall be annually raised by imposing an occupational tax in the amount of Two Dollars ($2.00) per night upon transient guests and shall be used as authorized by
